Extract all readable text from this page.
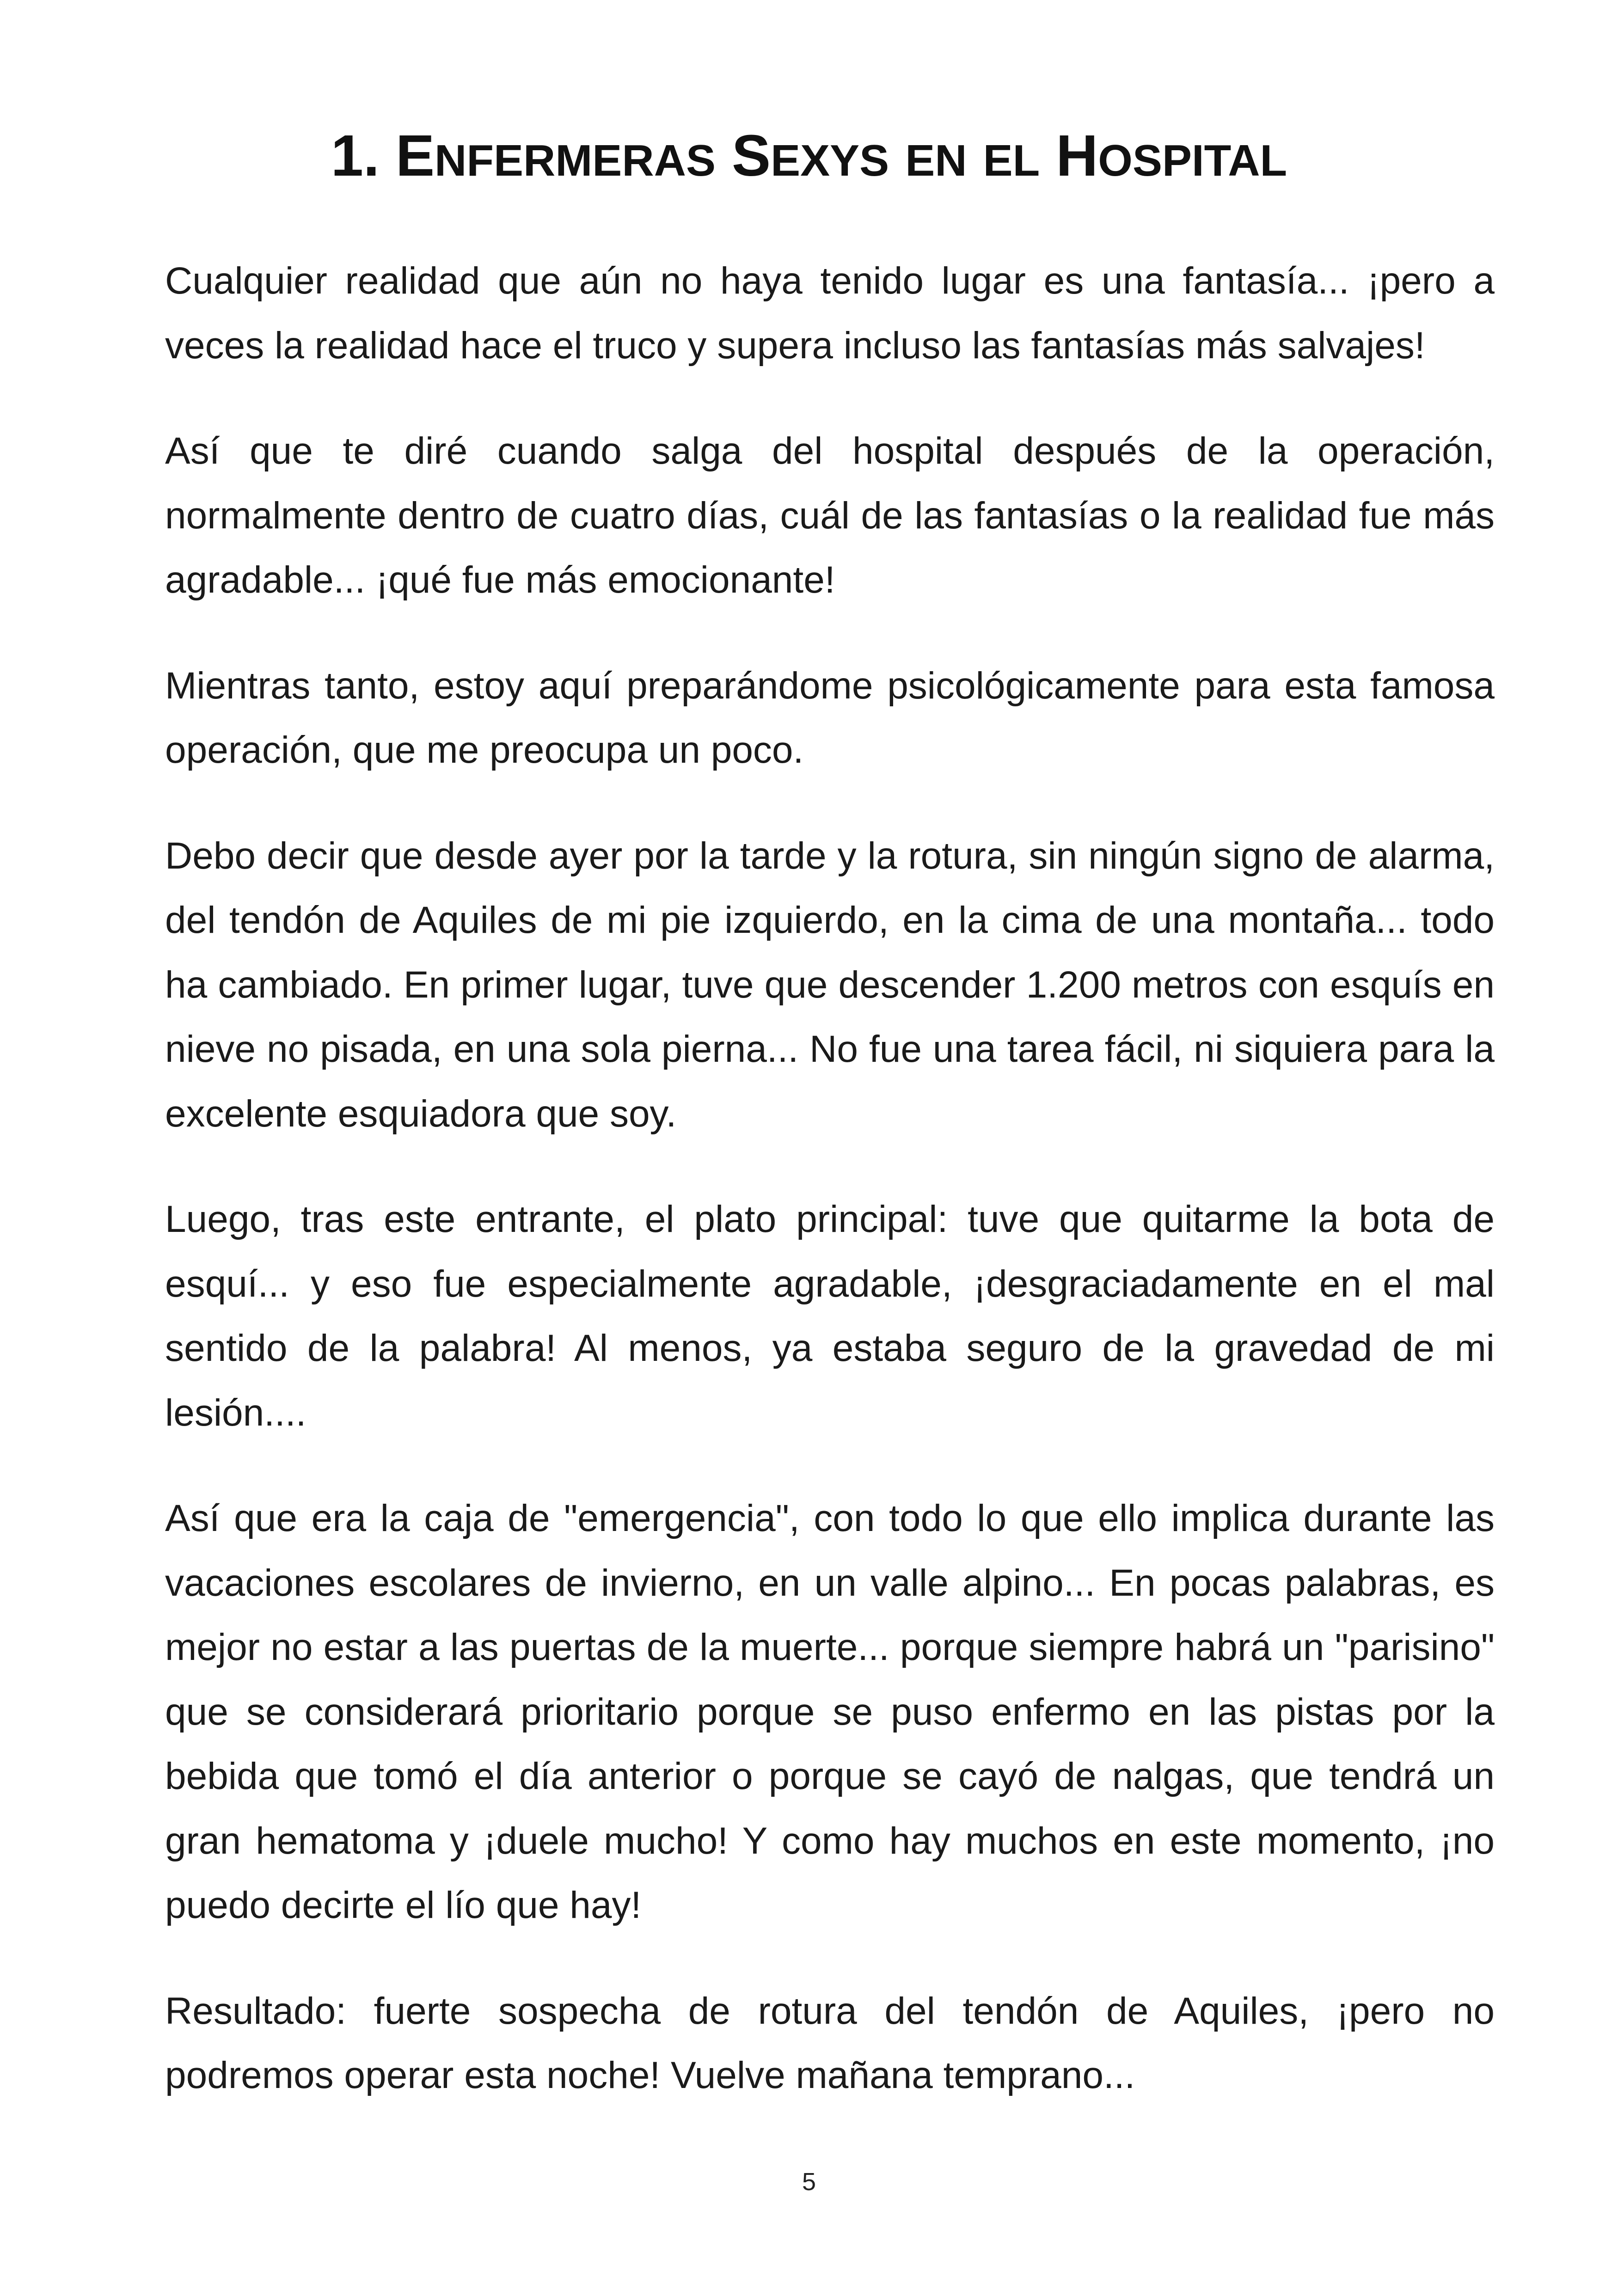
1. ENFERMERAS SEXYS EN EL HOSPITAL

Cualquier realidad que aún no haya tenido lugar es una fantasía... ¡pero a veces la realidad hace el truco y supera incluso las fantasías más salvajes!

Así que te diré cuando salga del hospital después de la operación, normalmente dentro de cuatro días, cuál de las fantasías o la realidad fue más agradable... ¡qué fue más emocionante!

Mientras tanto, estoy aquí preparándome psicológicamente para esta famosa operación, que me preocupa un poco.

Debo decir que desde ayer por la tarde y la rotura, sin ningún signo de alarma, del tendón de Aquiles de mi pie izquierdo, en la cima de una montaña... todo ha cambiado. En primer lugar, tuve que descender 1.200 metros con esquís en nieve no pisada, en una sola pierna... No fue una tarea fácil, ni siquiera para la excelente esquiadora que soy.

Luego, tras este entrante, el plato principal: tuve que quitarme la bota de esquí... y eso fue especialmente agradable, ¡desgraciadamente en el mal sentido de la palabra! Al menos, ya estaba seguro de la gravedad de mi lesión....

Así que era la caja de "emergencia", con todo lo que ello implica durante las vacaciones escolares de invierno, en un valle alpino... En pocas palabras, es mejor no estar a las puertas de la muerte... porque siempre habrá un "parisino" que se considerará prioritario porque se puso enfermo en las pistas por la bebida que tomó el día anterior o porque se cayó de nalgas, que tendrá un gran hematoma y ¡duele mucho! Y como hay muchos en este momento, ¡no puedo decirte el lío que hay!

Resultado: fuerte sospecha de rotura del tendón de Aquiles, ¡pero no podremos operar esta noche! Vuelve mañana temprano...

5
